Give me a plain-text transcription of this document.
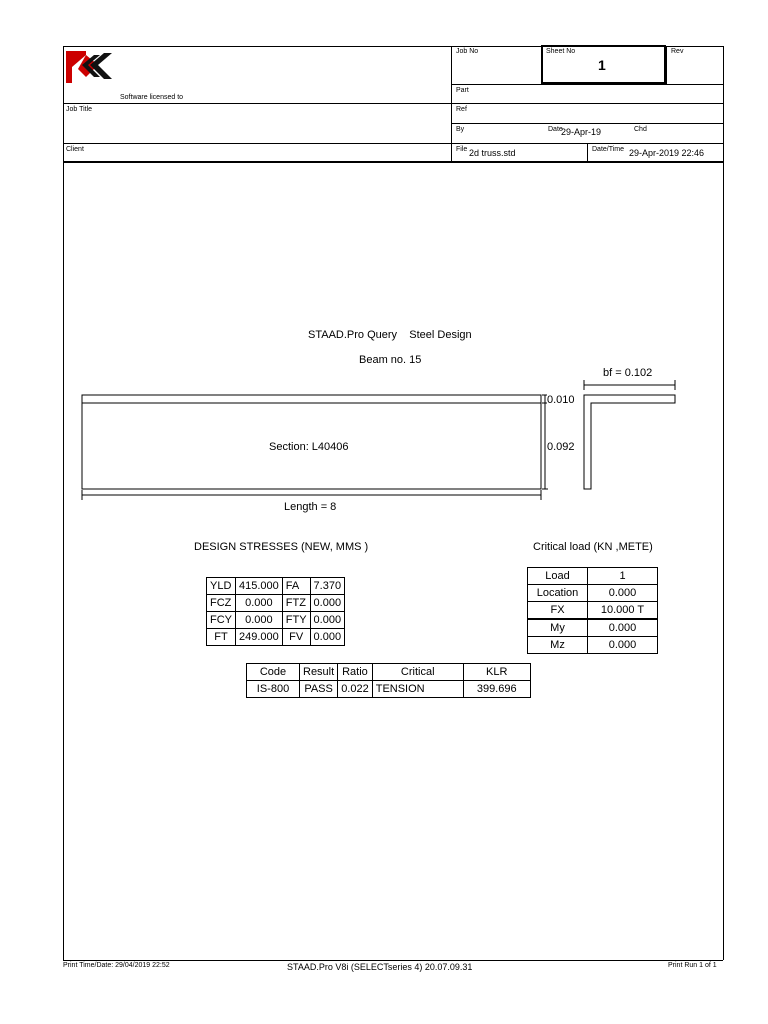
Software licensed to
Job No	Sheet No
1
Rev
Part
Job Title	Ref
By	Date
29-Apr-19	Chd
Client	File 2d truss.std	Date/Time 29-Apr-2019 22:46
STAAD.Pro Query    Steel Design
Beam no. 15
Section: L40406
Length = 8
0.010
0.092
bf = 0.102
DESIGN STRESSES (NEW, MMS )
YLD	415.000	FA	7.370
FCZ	0.000	FTZ	0.000
FCY	0.000	FTY	0.000
FT	249.000	FV	0.000
Critical load (KN ,METE)
Load	1
Location	0.000
FX	10.000 T
My	0.000
Mz	0.000
Code	Result	Ratio	Critical	KLR
IS-800	PASS	0.022	TENSION	399.696
Print Time/Date: 29/04/2019 22:52	STAAD.Pro V8i (SELECTseries 4) 20.07.09.31	Print Run 1 of 1
